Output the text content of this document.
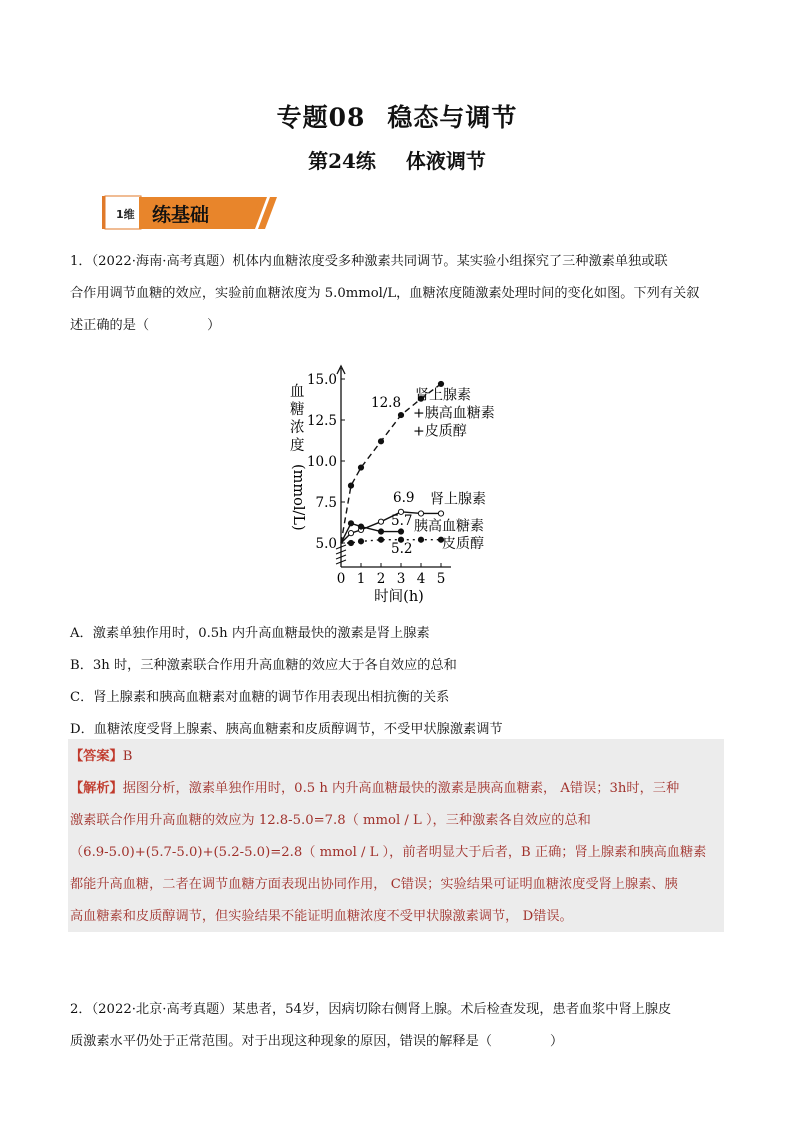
专题08 稳态与调节
第24练 体液调节
1维 练基础
1．（2022·海南·高考真题）机体内血糖浓度受多种激素共同调节。某实验小组探究了三种激素单独或联
合作用调节血糖的效应，实验前血糖浓度为 5.0mmol/L，血糖浓度随激素处理时间的变化如图。下列有关叙
述正确的是（	）
5.0
7.5
10.0
12.5
15.0
0 1 2 3 4 5
时间(h)
血糖浓度
(mmol/L)
12.8
6.9
5.7
5.2
肾上腺素
+胰高血糖素
+皮质醇
肾上腺素
胰高血糖素
皮质醇
A．激素单独作用时，0.5h 内升高血糖最快的激素是肾上腺素
B．3h 时，三种激素联合作用升高血糖的效应大于各自效应的总和
C．肾上腺素和胰高血糖素对血糖的调节作用表现出相抗衡的关系
D．血糖浓度受肾上腺素、胰高血糖素和皮质醇调节，不受甲状腺激素调节
【答案】B
【解析】据图分析，激素单独作用时，0.5 h 内升高血糖最快的激素是胰高血糖素， A错误；3h时，三种
激素联合作用升高血糖的效应为 12.8-5.0=7.8（ mmol / L ），三种激素各自效应的总和
（6.9-5.0)+(5.7-5.0)+(5.2-5.0)=2.8（ mmol / L ），前者明显大于后者，B 正确；肾上腺素和胰高血糖素
都能升高血糖，二者在调节血糖方面表现出协同作用， C错误；实验结果可证明血糖浓度受肾上腺素、胰
高血糖素和皮质醇调节，但实验结果不能证明血糖浓度不受甲状腺激素调节， D错误。
2．（2022·北京·高考真题）某患者，54岁，因病切除右侧肾上腺。术后检查发现，患者血浆中肾上腺皮
质激素水平仍处于正常范围。对于出现这种现象的原因，错误的解释是（	）
